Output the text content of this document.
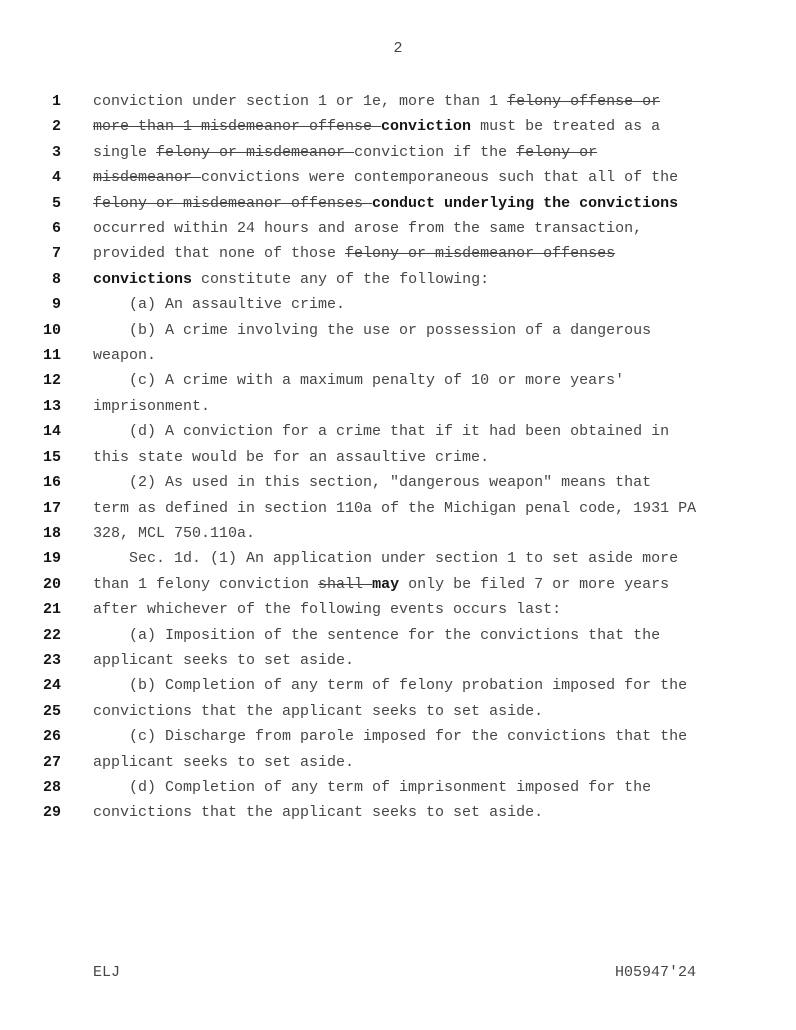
2
1 conviction under section 1 or 1e, more than 1 felony offense or
2 more than 1 misdemeanor offense conviction must be treated as a
3 single felony or misdemeanor conviction if the felony or
4 misdemeanor convictions were contemporaneous such that all of the
5 felony or misdemeanor offenses conduct underlying the convictions
6 occurred within 24 hours and arose from the same transaction,
7 provided that none of those felony or misdemeanor offenses
8 convictions constitute any of the following:
9 (a) An assaultive crime.
10 (b) A crime involving the use or possession of a dangerous
11 weapon.
12 (c) A crime with a maximum penalty of 10 or more years'
13 imprisonment.
14 (d) A conviction for a crime that if it had been obtained in
15 this state would be for an assaultive crime.
16 (2) As used in this section, "dangerous weapon" means that
17 term as defined in section 110a of the Michigan penal code, 1931 PA
18 328, MCL 750.110a.
19 Sec. 1d. (1) An application under section 1 to set aside more
20 than 1 felony conviction shall may only be filed 7 or more years
21 after whichever of the following events occurs last:
22 (a) Imposition of the sentence for the convictions that the
23 applicant seeks to set aside.
24 (b) Completion of any term of felony probation imposed for the
25 convictions that the applicant seeks to set aside.
26 (c) Discharge from parole imposed for the convictions that the
27 applicant seeks to set aside.
28 (d) Completion of any term of imprisonment imposed for the
29 convictions that the applicant seeks to set aside.
ELJ	H05947'24
